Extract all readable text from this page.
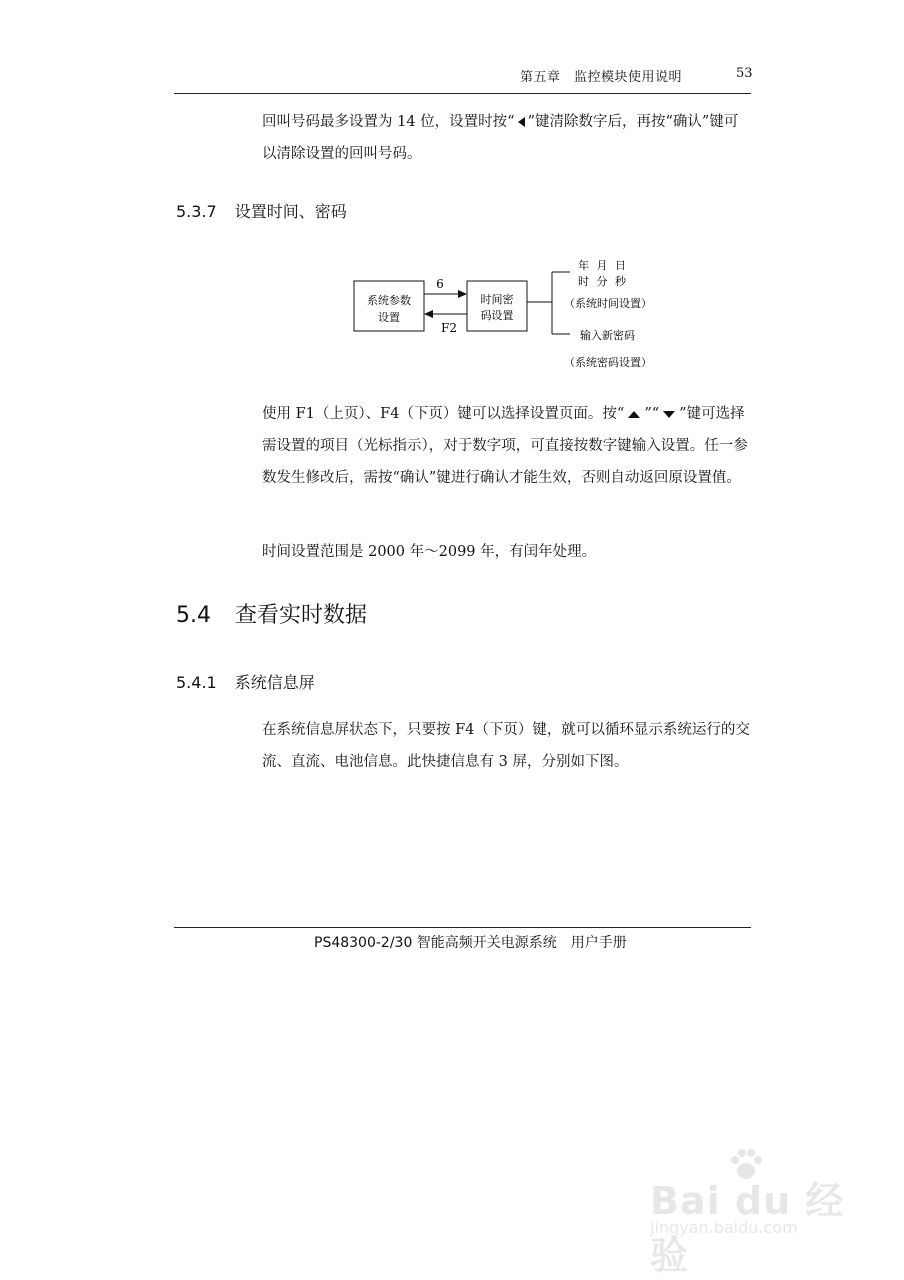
第五章　监控模块使用说明	53

回叫号码最多设置为 14 位，设置时按“ ”键清除数字后，再按“确认”键可以清除设置的回叫号码。

5.3.7 设置时间、密码
系统参数
设置
时间密
码设置
6
F2
年 月 日
时 分 秒
（系统时间设置）
输入新密码
（系统密码设置）

使用 F1（上页）、F4（下页）键可以选择设置页面。按“ ”“ ”键可选择需设置的项目（光标指示），对于数字项，可直接按数字键输入设置。任一参数发生修改后，需按“确认”键进行确认才能生效，否则自动返回原设置值。

时间设置范围是 2000 年～2099 年，有闰年处理。
5.4 查看实时数据
5.4.1 系统信息屏
在系统信息屏状态下，只要按 F4（下页）键，就可以循环显示系统运行的交流、直流、电池信息。此快捷信息有 3 屏，分别如下图。
PS48300-2/30 智能高频开关电源系统　用户手册
Bai du 经验
jingyan.baidu.com
